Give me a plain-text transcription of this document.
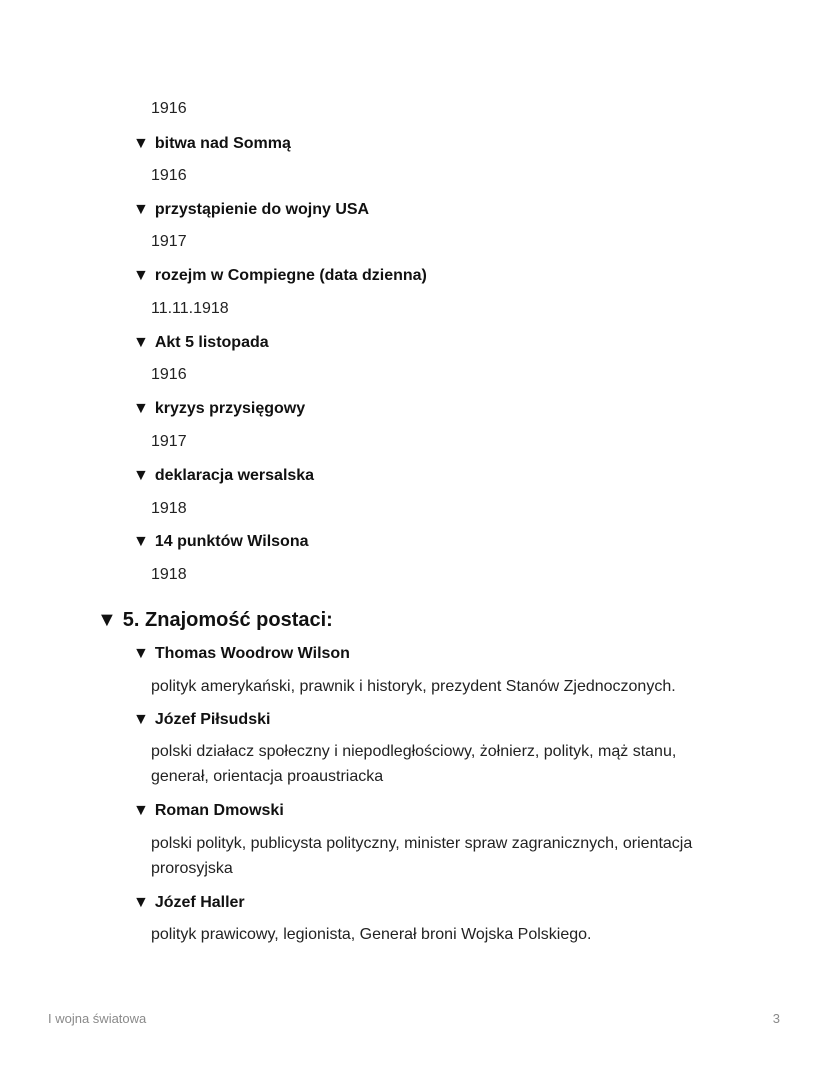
1916
▼ bitwa nad Sommą
1916
▼ przystąpienie do wojny USA
1917
▼ rozejm w Compiegne (data dzienna)
11.11.1918
▼ Akt 5 listopada
1916
▼ kryzys przysięgowy
1917
▼ deklaracja wersalska
1918
▼ 14 punktów Wilsona
1918
▼ 5. Znajomość postaci:
▼ Thomas Woodrow Wilson
polityk amerykański, prawnik i historyk, prezydent Stanów Zjednoczonych.
▼ Józef Piłsudski
polski działacz społeczny i niepodległościowy, żołnierz, polityk, mąż stanu, generał, orientacja proaustriacka
▼ Roman Dmowski
polski polityk, publicysta polityczny, minister spraw zagranicznych, orientacja prorosyjska
▼ Józef Haller
polityk prawicowy, legionista, Generał broni Wojska Polskiego.
I wojna światowa	3
